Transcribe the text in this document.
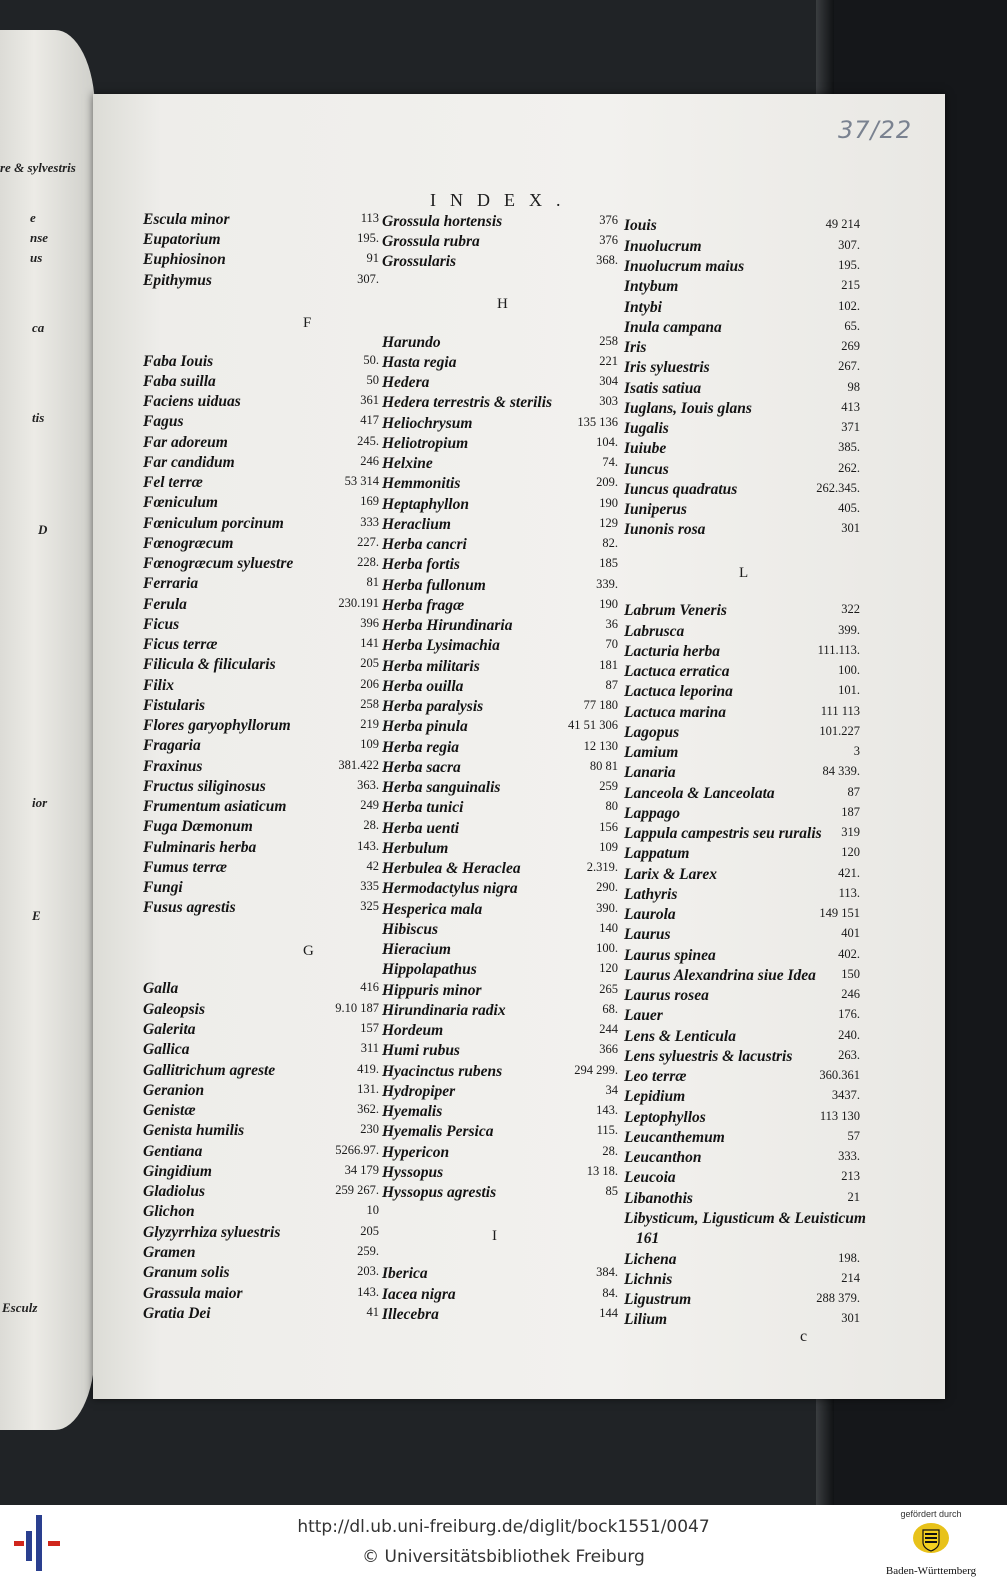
re & sylvestris
e
nse
us
ca
tis
D
ior
E
Esculz
37/22
INDEX.
Escula minor	113
Eupatorium	195.
Euphiosinon	91
Epithymus	307.
F
Faba Iouis	50.
Faba suilla	50
Faciens uiduas	361
Fagus	417
Far adoreum	245.
Far candidum	246
Fel terræ	53 314
Fœniculum	169
Fœniculum porcinum	333
Fœnogræcum	227.
Fœnogræcum syluestre	228.
Ferraria	81
Ferula	230.191
Ficus	396
Ficus terræ	141
Filicula & filicularis	205
Filix	206
Fistularis	258
Flores garyophyllorum	219
Fragaria	109
Fraxinus	381.422
Fructus siliginosus	363.
Frumentum asiaticum	249
Fuga Dæmonum	28.
Fulminaris herba	143.
Fumus terræ	42
Fungi	335
Fusus agrestis	325
G
Galla	416
Galeopsis	9.10 187
Galerita	157
Gallica	311
Gallitrichum agreste	419.
Geranion	131.
Genistæ	362.
Genista humilis	230
Gentiana	5266.97.
Gingidium	34 179
Gladiolus	259 267.
Glichon	10
Glyzyrrhiza syluestris	205
Gramen	259.
Granum solis	203.
Grassula maior	143.
Gratia Dei	41
Grossula hortensis	376
Grossula rubra	376
Grossularis	368.
H
Harundo	258
Hasta regia	221
Hedera	304
Hedera terrestris & sterilis	303
Heliochrysum	135 136
Heliotropium	104.
Helxine	74.
Hemmonitis	209.
Heptaphyllon	190
Heraclium	129
Herba cancri	82.
Herba fortis	185
Herba fullonum	339.
Herba fragæ	190
Herba Hirundinaria	36
Herba Lysimachia	70
Herba militaris	181
Herba ouilla	87
Herba paralysis	77 180
Herba pinula	41 51 306
Herba regia	12 130
Herba sacra	80 81
Herba sanguinalis	259
Herba tunici	80
Herba uenti	156
Herbulum	109
Herbulea & Heraclea	2.319.
Hermodactylus nigra	290.
Hesperica mala	390.
Hibiscus	140
Hieracium	100.
Hippolapathus	120
Hippuris minor	265
Hirundinaria radix	68.
Hordeum	244
Humi rubus	366
Hyacinctus rubens	294 299.
Hydropiper	34
Hyemalis	143.
Hyemalis Persica	115.
Hypericon	28.
Hyssopus	13 18.
Hyssopus agrestis	85
I
Iberica	384.
Iacea nigra	84.
Illecebra	144
Iouis	49 214
Inuolucrum	307.
Inuolucrum maius	195.
Intybum	215
Intybi	102.
Inula campana	65.
Iris	269
Iris syluestris	267.
Isatis satiua	98
Iuglans, Iouis glans	413
Iugalis	371
Iuiube	385.
Iuncus	262.
Iuncus quadratus	262.345.
Iuniperus	405.
Iunonis rosa	301
L
Labrum Veneris	322
Labrusca	399.
Lacturia herba	111.113.
Lactuca erratica	100.
Lactuca leporina	101.
Lactuca marina	111 113
Lagopus	101.227
Lamium	3
Lanaria	84 339.
Lanceola & Lanceolata	87
Lappago	187
Lappula campestris seu ruralis 319
Lappatum	120
Larix & Larex	421.
Lathyris	113.
Laurola	149 151
Laurus	401
Laurus spinea	402.
Laurus Alexandrina siue Idea 150
Laurus rosea	246
Lauer	176.
Lens & Lenticula	240.
Lens syluestris & lacustris	263.
Leo terræ	360.361
Lepidium	3437.
Leptophyllos	113 130
Leucanthemum	57
Leucanthon	333.
Leucoia	213
Libanothis	21
Libysticum, Ligusticum & Leuisticum
161
Lichena	198.
Lichnis	214
Ligustrum	288 379.
Lilium	301
c
http://dl.ub.uni-freiburg.de/diglit/bock1551/0047
© Universitätsbibliothek Freiburg
gefördert durch
Baden-Württemberg
